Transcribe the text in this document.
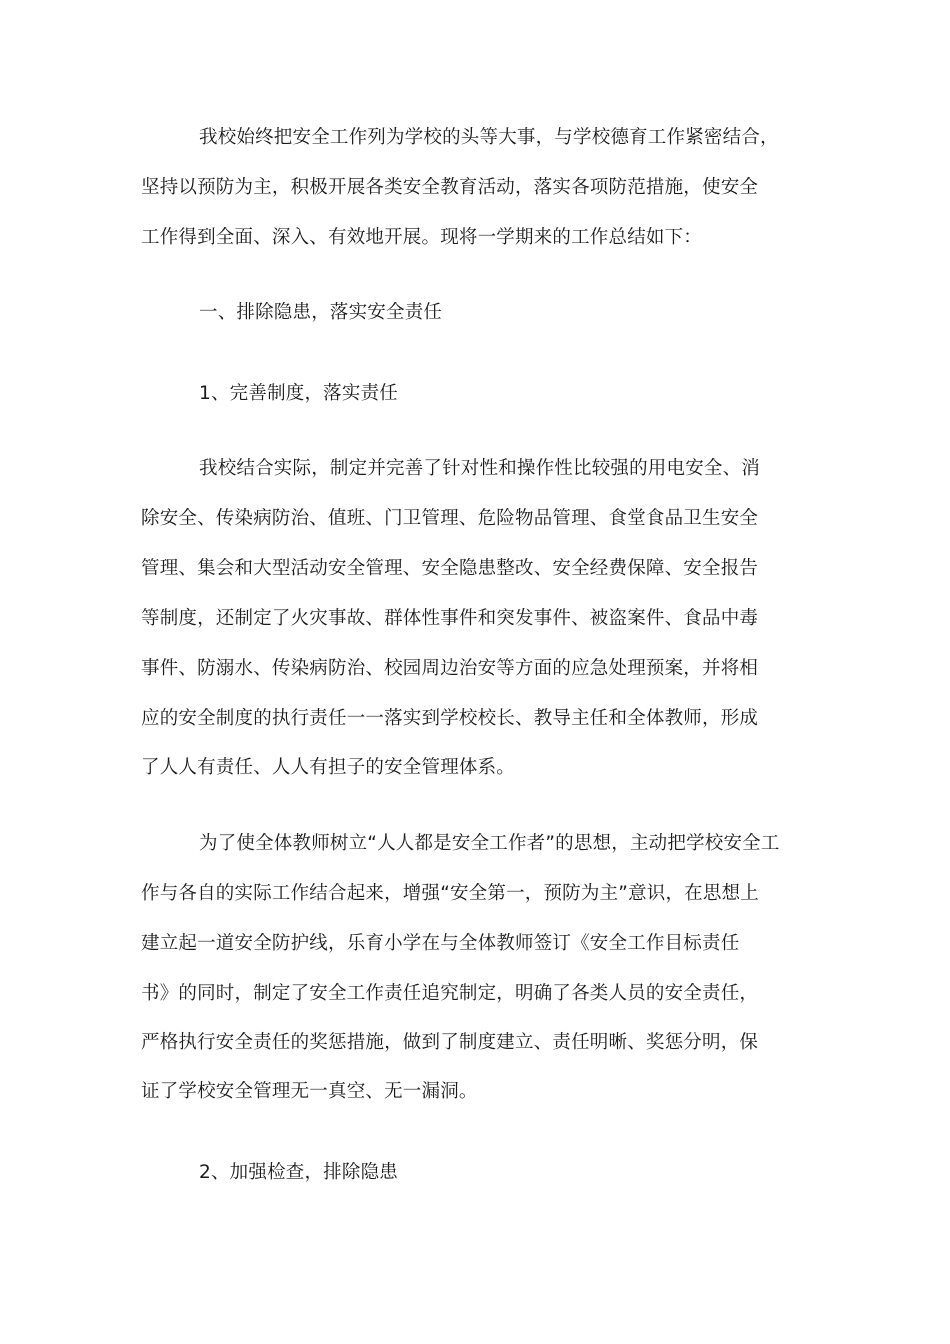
我校始终把安全工作列为学校的头等大事，与学校德育工作紧密结合，
坚持以预防为主，积极开展各类安全教育活动，落实各项防范措施，使安全
工作得到全面、深入、有效地开展。现将一学期来的工作总结如下：
一、排除隐患，落实安全责任
1、完善制度，落实责任
我校结合实际，制定并完善了针对性和操作性比较强的用电安全、消
除安全、传染病防治、值班、门卫管理、危险物品管理、食堂食品卫生安全
管理、集会和大型活动安全管理、安全隐患整改、安全经费保障、安全报告
等制度，还制定了火灾事故、群体性事件和突发事件、被盗案件、食品中毒
事件、防溺水、传染病防治、校园周边治安等方面的应急处理预案，并将相
应的安全制度的执行责任一一落实到学校校长、教导主任和全体教师，形成
了人人有责任、人人有担子的安全管理体系。
为了使全体教师树立“人人都是安全工作者”的思想，主动把学校安全工
作与各自的实际工作结合起来，增强“安全第一，预防为主”意识，在思想上
建立起一道安全防护线，乐育小学在与全体教师签订《安全工作目标责任
书》的同时，制定了安全工作责任追究制定，明确了各类人员的安全责任，
严格执行安全责任的奖惩措施，做到了制度建立、责任明晰、奖惩分明，保
证了学校安全管理无一真空、无一漏洞。
2、加强检查，排除隐患
